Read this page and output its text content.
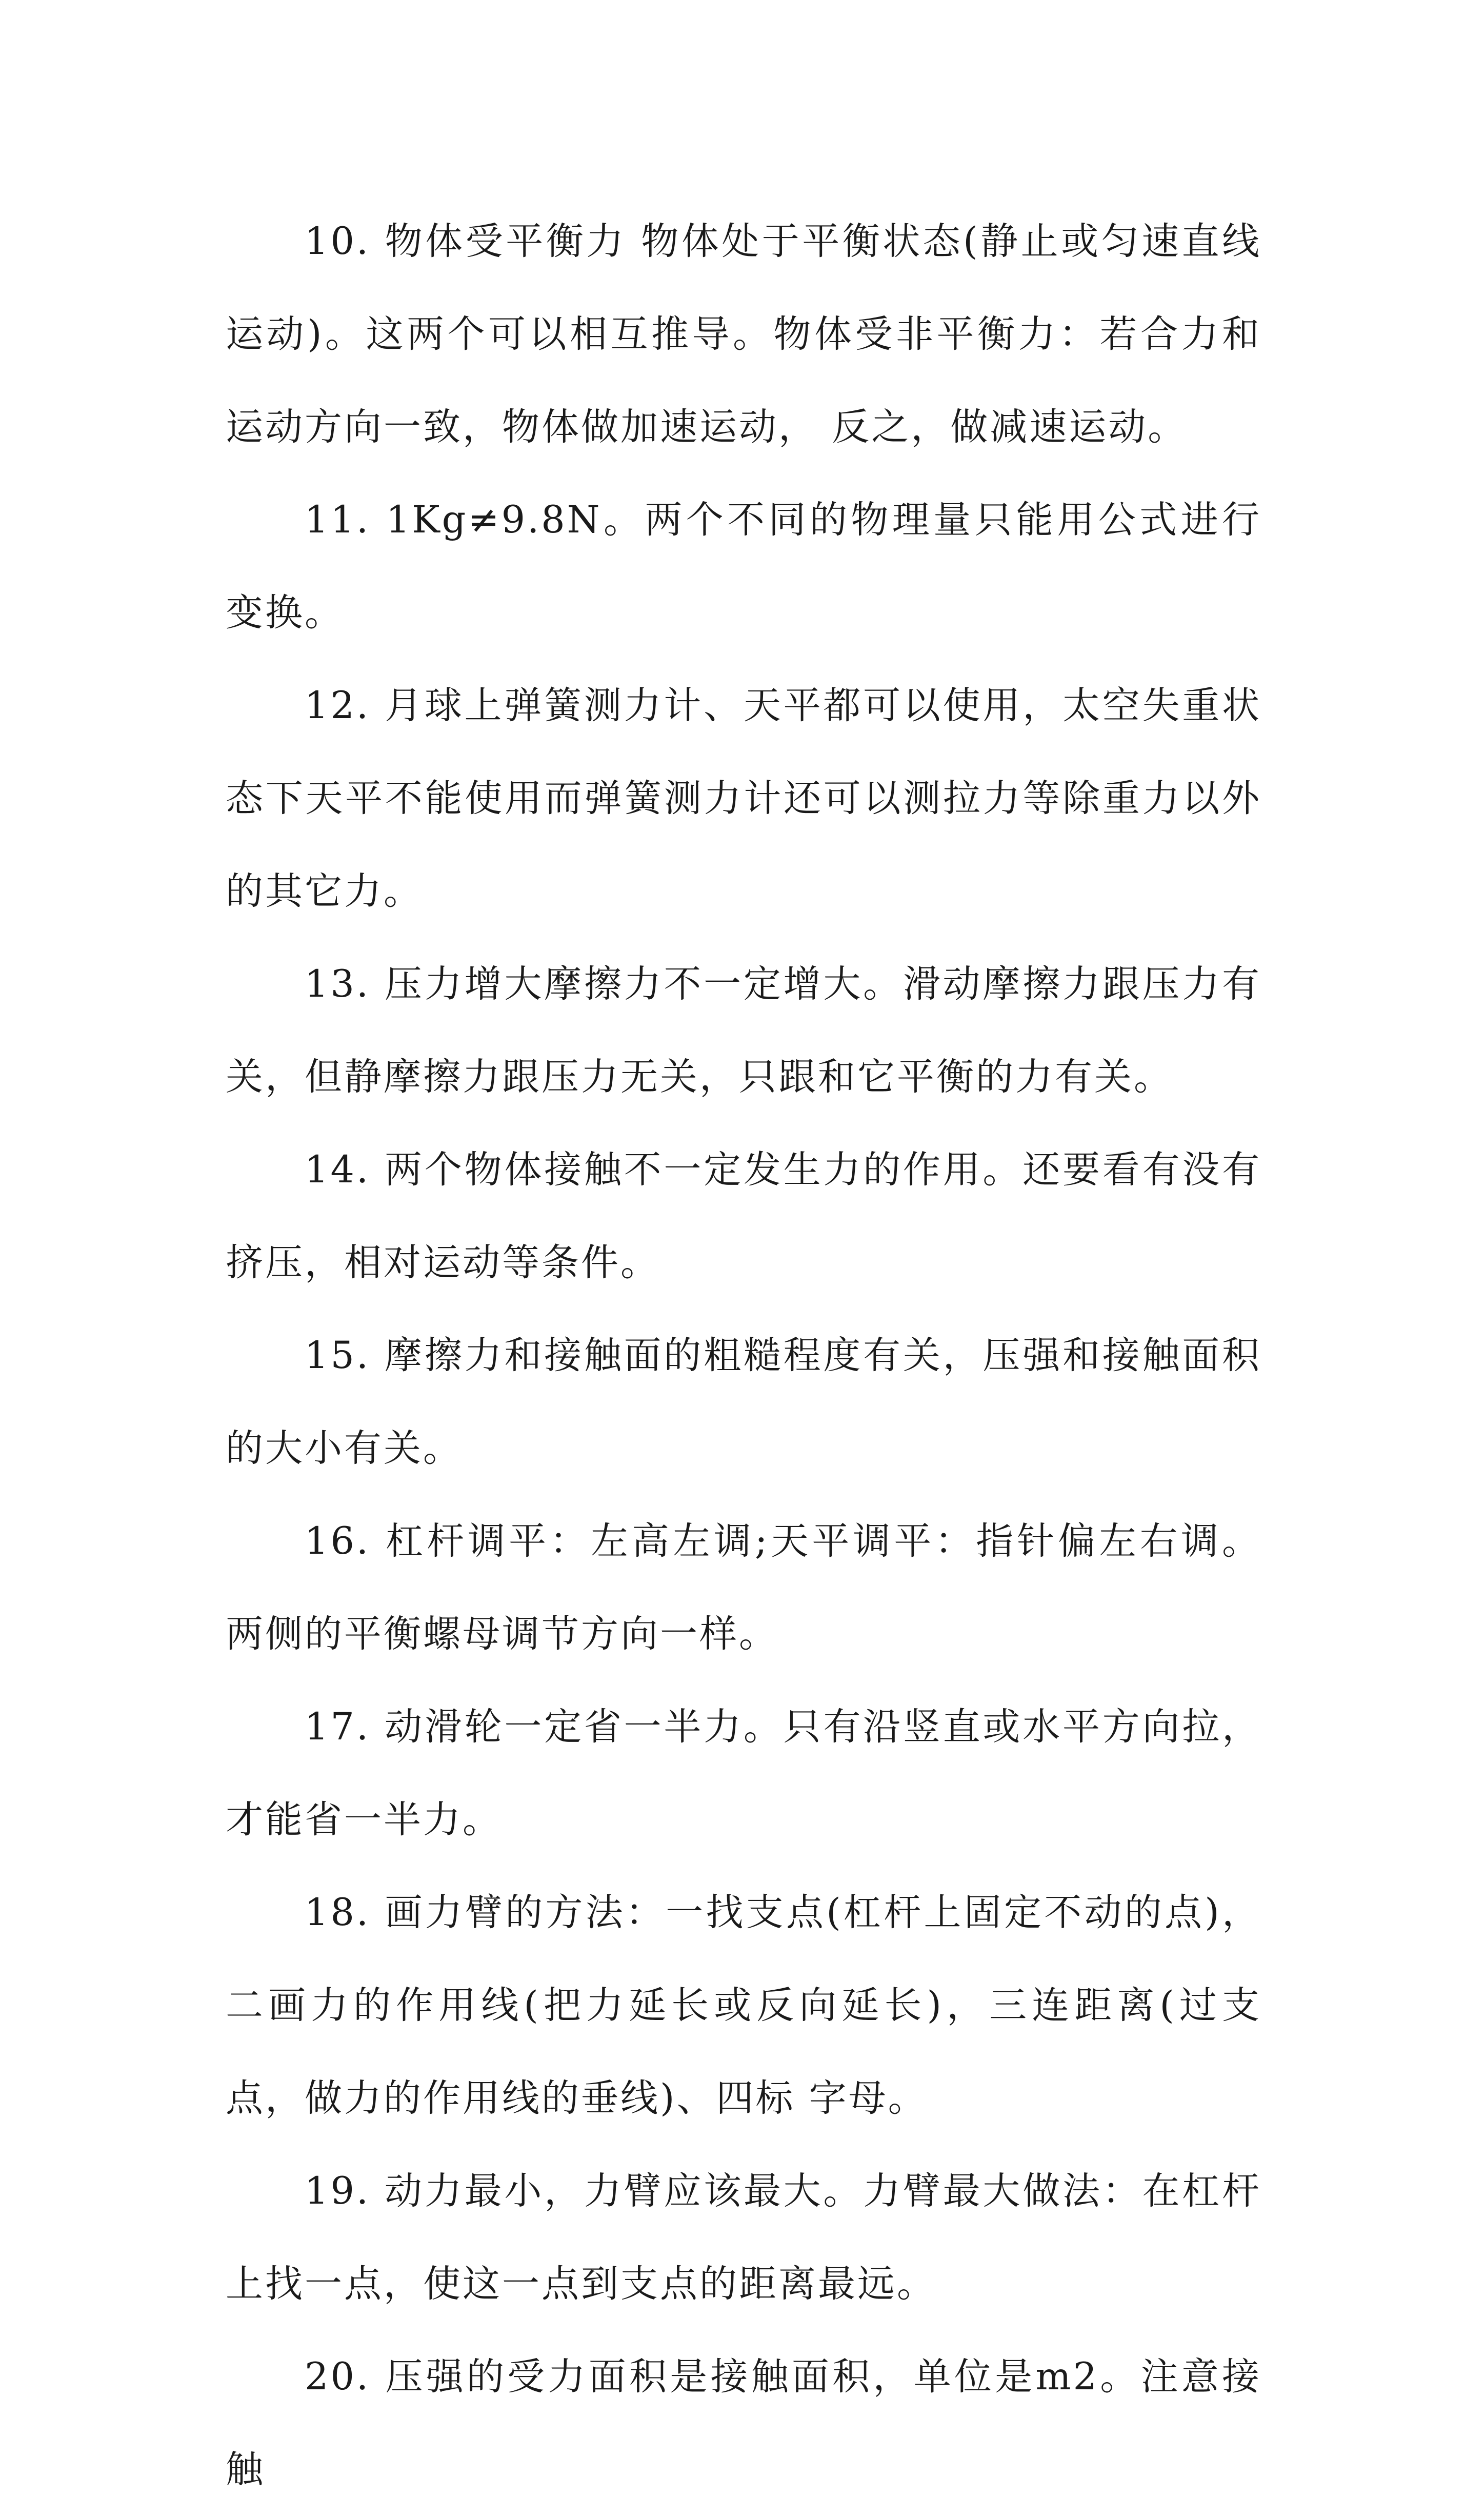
10. 物体受平衡力 物体处于平衡状态(静止或匀速直线运动)。这两个可以相互推导。物体受非平衡力：若合力和运动方向一致，物体做加速运动， 反之，做减速运动。

11. 1Kg≠9.8N。两个不同的物理量只能用公式进行变换。

12. 月球上弹簧测力计、天平都可以使用，太空失重状态下天平不能使用而弹簧测力计还可以测拉力等除重力以外的其它力。

13. 压力增大摩擦力不一定增大。滑动摩擦力跟压力有关，但静摩擦力跟压力无关，只跟和它平衡的力有关。

14. 两个物体接触不一定发生力的作用。还要看有没有挤压，相对运动等条件。

15. 摩擦力和接触面的粗糙程度有关，压强和接触面积的大小有关。

16. 杠杆调平：左高左调;天平调平：指针偏左右调。两侧的平衡螺母调节方向一样。

17. 动滑轮一定省一半力。只有沿竖直或水平方向拉，才能省一半力。

18. 画力臂的方法：一找支点(杠杆上固定不动的点)，二画力的作用线(把力延长或反向延长)，三连距离(过支点，做力的作用线的垂线)、四标 字母。

19. 动力最小，力臂应该最大。力臂最大做法：在杠杆上找一点，使这一点到支点的距离最远。

20. 压强的受力面积是接触面积，单位是m2。注意接触
